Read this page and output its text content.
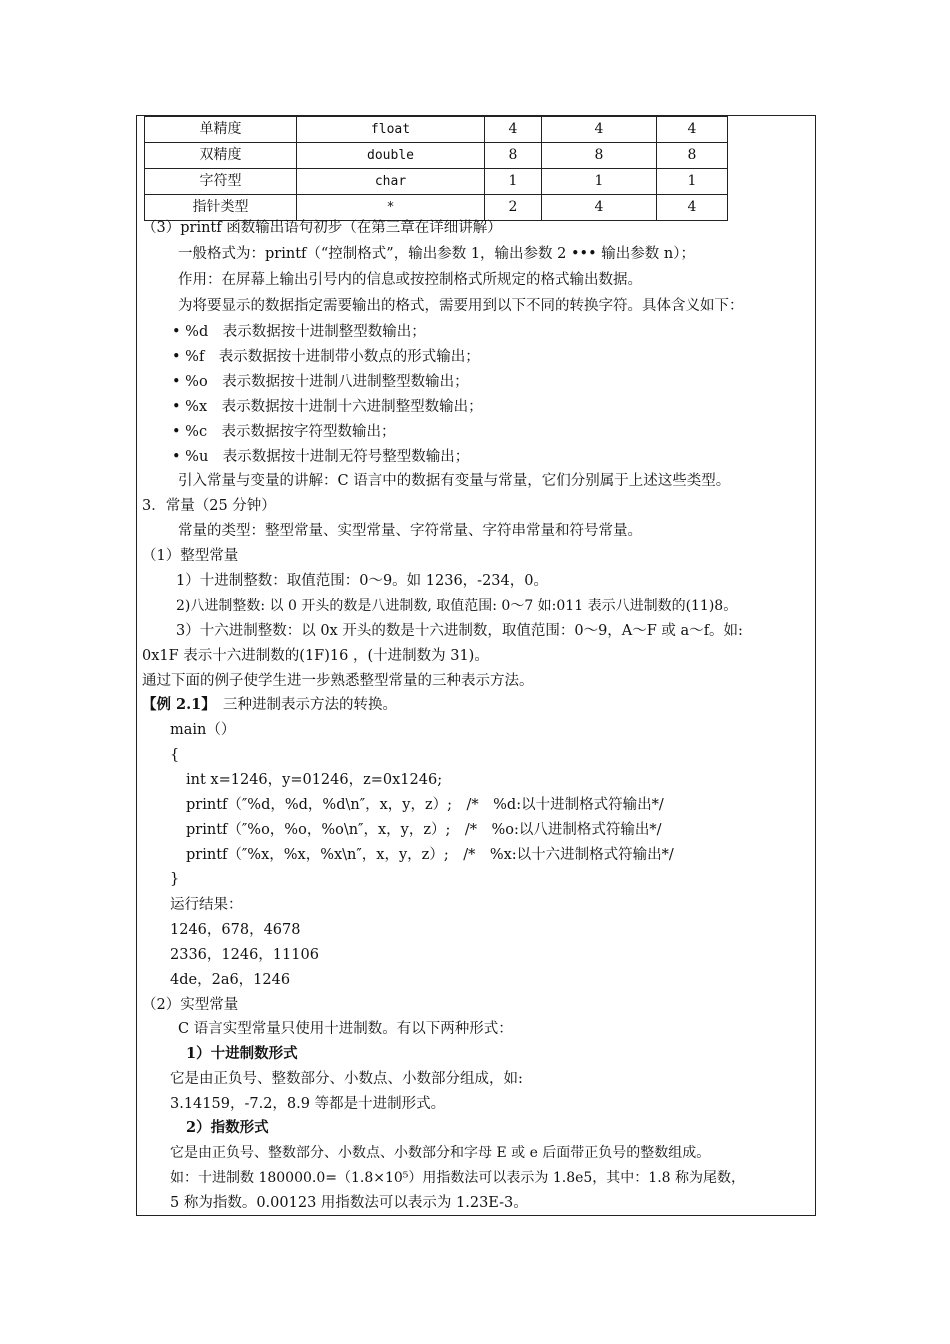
单精度	float	4	4	4
双精度	double	8	8	8
字符型	char	1	1	1
指针类型	*	2	4	4
（3）printf 函数输出语句初步（在第三章在详细讲解）
一般格式为：printf（“控制格式”，输出参数 1，输出参数 2 ••• 输出参数 n）；
作用：在屏幕上输出引号内的信息或按控制格式所规定的格式输出数据。
为将要显示的数据指定需要输出的格式，需要用到以下不同的转换字符。具体含义如下：
• %d　表示数据按十进制整型数输出；
• %f　表示数据按十进制带小数点的形式输出；
• %o　表示数据按十进制八进制整型数输出；
• %x　表示数据按十进制十六进制整型数输出；
• %c　表示数据按字符型数输出；
• %u　表示数据按十进制无符号整型数输出；
引入常量与变量的讲解：C 语言中的数据有变量与常量，它们分别属于上述这些类型。
3．常量（25 分钟）
常量的类型：整型常量、实型常量、字符常量、字符串常量和符号常量。
（1）整型常量
1）十进制整数：取值范围：0～9。如 1236，-234，0。
2)八进制整数: 以 0 开头的数是八进制数, 取值范围: 0～7 如:011 表示八进制数的(11)8。
3）十六进制整数：以 0x 开头的数是十六进制数，取值范围：0～9，A～F 或 a～f。如:
0x1F 表示十六进制数的(1F)16 ，(十进制数为 31)。
通过下面的例子使学生进一步熟悉整型常量的三种表示方法。
【例 2.1】　三种进制表示方法的转换。
main（）
{
int x=1246，y=01246，z=0x1246;
printf（″%d，%d，%d\n″，x，y，z）;　/*　%d:以十进制格式符输出*/
printf（″%o，%o，%o\n″，x，y，z）;　/*　%o:以八进制格式符输出*/
printf（″%x，%x，%x\n″，x，y，z）;　/*　%x:以十六进制格式符输出*/
}
运行结果：
1246，678，4678
2336，1246，11106
4de，2a6，1246
（2）实型常量
C 语言实型常量只使用十进制数。有以下两种形式：
1）十进制数形式
它是由正负号、整数部分、小数点、小数部分组成，如:
3.14159，-7.2，8.9 等都是十进制形式。
2）指数形式
它是由正负号、整数部分、小数点、小数部分和字母 E 或 e 后面带正负号的整数组成。
如：十进制数 180000.0=（1.8×10⁵）用指数法可以表示为 1.8e5，其中：1.8 称为尾数，
5 称为指数。0.00123 用指数法可以表示为 1.23E-3。
